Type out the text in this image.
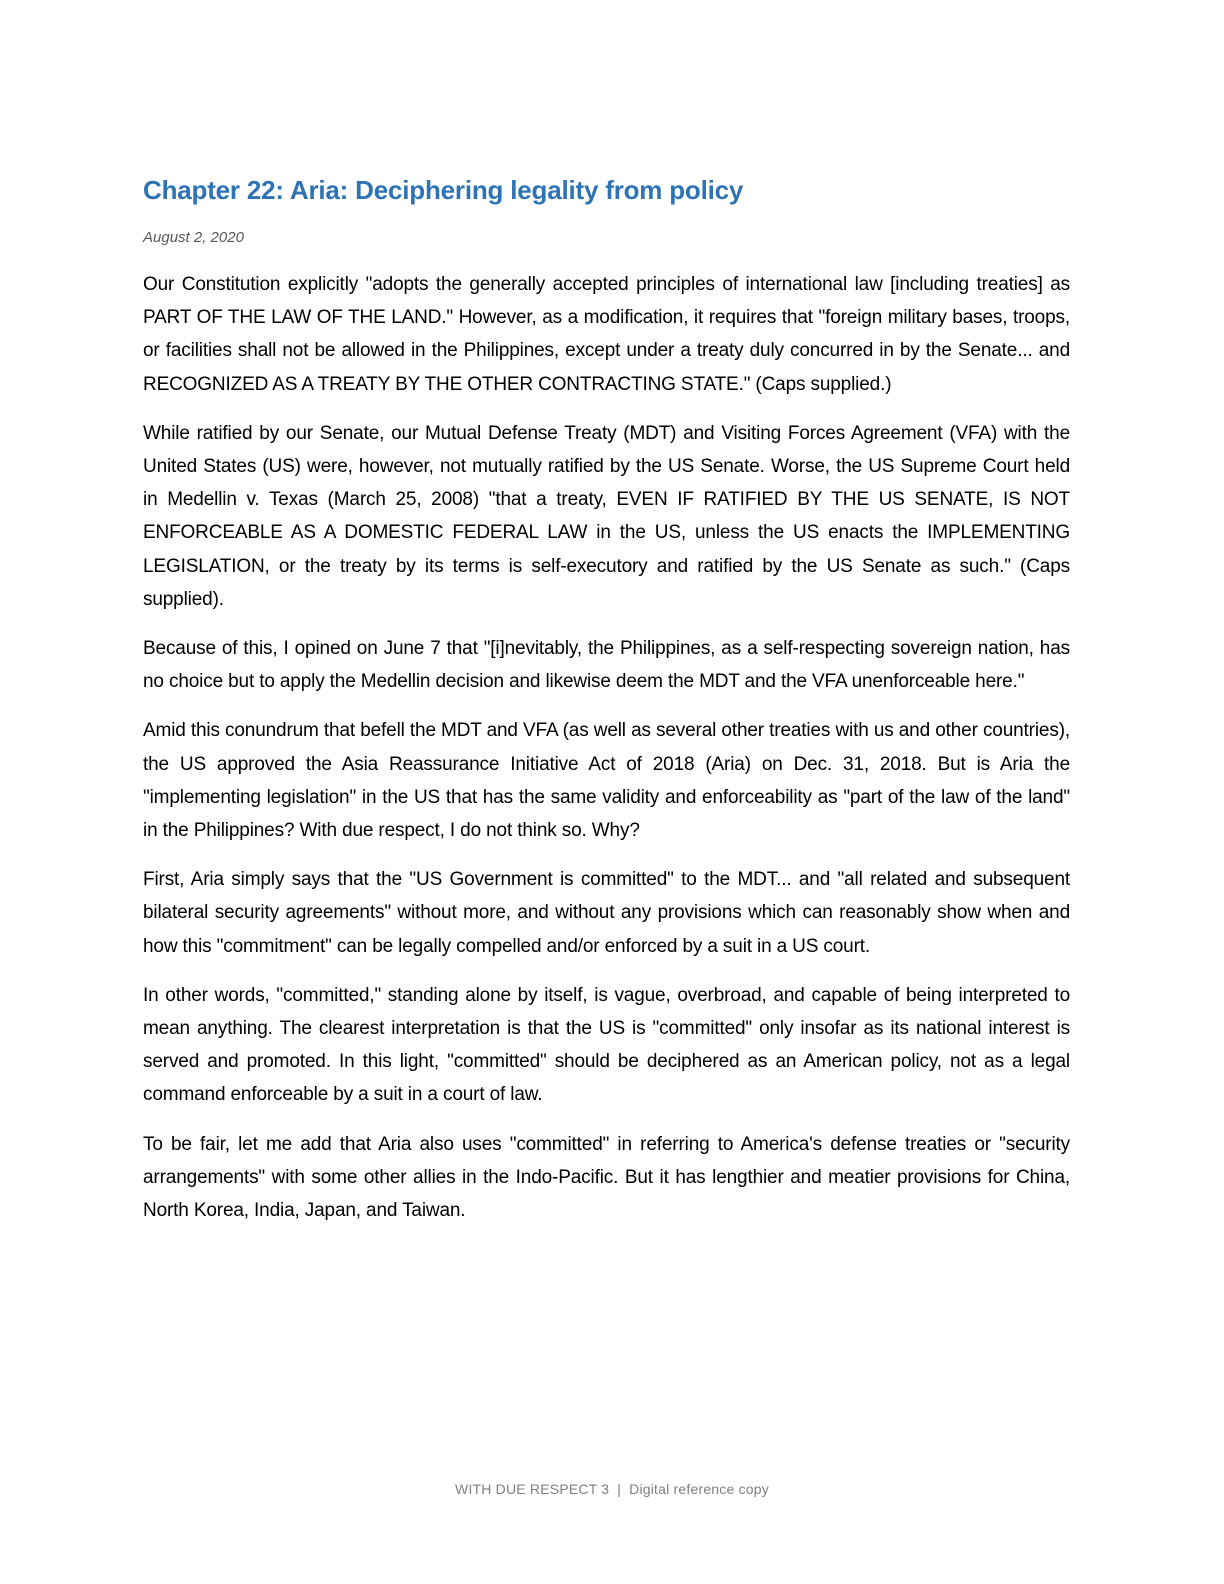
Chapter 22: Aria: Deciphering legality from policy
August 2, 2020

Our Constitution explicitly "adopts the generally accepted principles of international law [including treaties] as PART OF THE LAW OF THE LAND." However, as a modification, it requires that "foreign military bases, troops, or facilities shall not be allowed in the Philippines, except under a treaty duly concurred in by the Senate... and RECOGNIZED AS A TREATY BY THE OTHER CONTRACTING STATE." (Caps supplied.)

While ratified by our Senate, our Mutual Defense Treaty (MDT) and Visiting Forces Agreement (VFA) with the United States (US) were, however, not mutually ratified by the US Senate. Worse, the US Supreme Court held in Medellin v. Texas (March 25, 2008) "that a treaty, EVEN IF RATIFIED BY THE US SENATE, IS NOT ENFORCEABLE AS A DOMESTIC FEDERAL LAW in the US, unless the US enacts the IMPLEMENTING LEGISLATION, or the treaty by its terms is self-executory and ratified by the US Senate as such." (Caps supplied).

Because of this, I opined on June 7 that "[i]nevitably, the Philippines, as a self-respecting sovereign nation, has no choice but to apply the Medellin decision and likewise deem the MDT and the VFA unenforceable here."

Amid this conundrum that befell the MDT and VFA (as well as several other treaties with us and other countries), the US approved the Asia Reassurance Initiative Act of 2018 (Aria) on Dec. 31, 2018. But is Aria the "implementing legislation" in the US that has the same validity and enforceability as "part of the law of the land" in the Philippines? With due respect, I do not think so. Why?

First, Aria simply says that the "US Government is committed" to the MDT... and "all related and subsequent bilateral security agreements" without more, and without any provisions which can reasonably show when and how this "commitment" can be legally compelled and/or enforced by a suit in a US court.

In other words, "committed," standing alone by itself, is vague, overbroad, and capable of being interpreted to mean anything. The clearest interpretation is that the US is "committed" only insofar as its national interest is served and promoted. In this light, "committed" should be deciphered as an American policy, not as a legal command enforceable by a suit in a court of law.

To be fair, let me add that Aria also uses "committed" in referring to America's defense treaties or "security arrangements" with some other allies in the Indo-Pacific. But it has lengthier and meatier provisions for China, North Korea, India, Japan, and Taiwan.

WITH DUE RESPECT 3 | Digital reference copy
